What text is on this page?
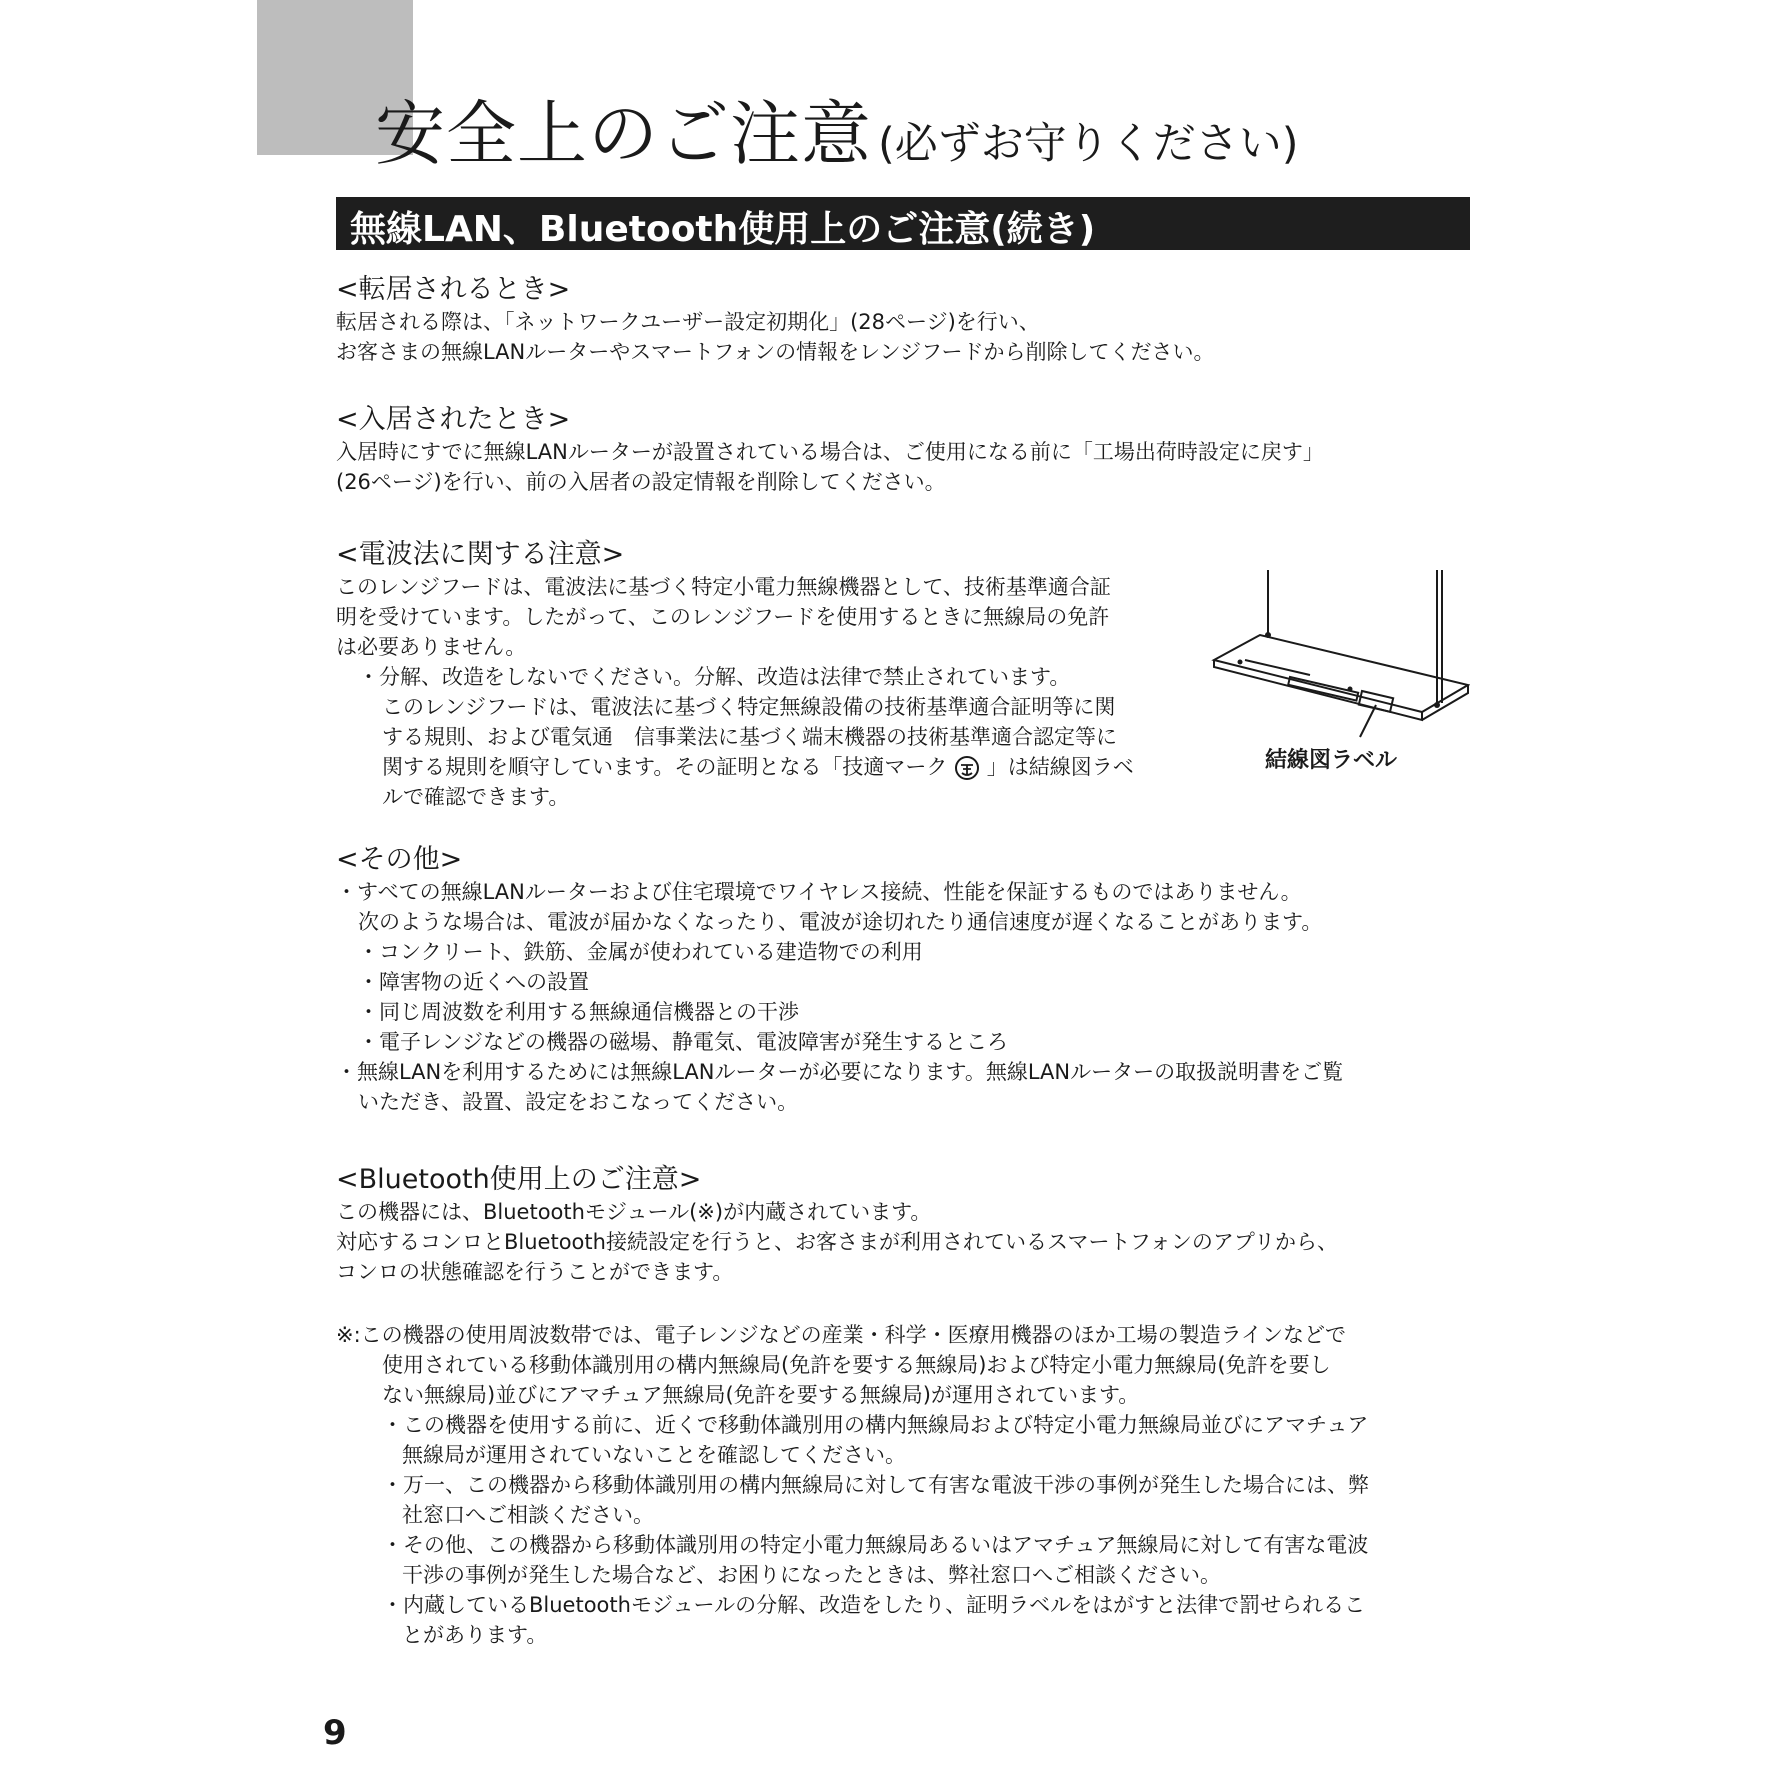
安全上のご注意 (必ずお守りください)
無線LAN、Bluetooth使用上のご注意(続き)
<転居されるとき>

転居される際は、「ネットワークユーザー設定初期化」(28ページ)を行い、

お客さまの無線LANルーターやスマートフォンの情報をレンジフードから削除してください。

<入居されたとき>

入居時にすでに無線LANルーターが設置されている場合は、ご使用になる前に「工場出荷時設定に戻す」

(26ページ)を行い、前の入居者の設定情報を削除してください。

<電波法に関する注意>

このレンジフードは、電波法に基づく特定小電力無線機器として、技術基準適合証

明を受けています。したがって、このレンジフードを使用するときに無線局の免許

は必要ありません。

・分解、改造をしないでください。分解、改造は法律で禁止されています。

このレンジフードは、電波法に基づく特定無線設備の技術基準適合証明等に関

する規則、および電気通　信事業法に基づく端末機器の技術基準適合認定等に

関する規則を順守しています。その証明となる「技適マーク 」は結線図ラベ

ルで確認できます。

結線図ラベル
<その他>

・すべての無線LANルーターおよび住宅環境でワイヤレス接続、性能を保証するものではありません。

次のような場合は、電波が届かなくなったり、電波が途切れたり通信速度が遅くなることがあります。

・コンクリート、鉄筋、金属が使われている建造物での利用

・障害物の近くへの設置

・同じ周波数を利用する無線通信機器との干渉

・電子レンジなどの機器の磁場、静電気、電波障害が発生するところ

・無線LANを利用するためには無線LANルーターが必要になります。無線LANルーターの取扱説明書をご覧

いただき、設置、設定をおこなってください。

<Bluetooth使用上のご注意>

この機器には、Bluetoothモジュール(※)が内蔵されています。

対応するコンロとBluetooth接続設定を行うと、お客さまが利用されているスマートフォンのアプリから、

コンロの状態確認を行うことができます。

※:この機器の使用周波数帯では、電子レンジなどの産業・科学・医療用機器のほか工場の製造ラインなどで

使用されている移動体識別用の構内無線局(免許を要する無線局)および特定小電力無線局(免許を要し

ない無線局)並びにアマチュア無線局(免許を要する無線局)が運用されています。

・この機器を使用する前に、近くで移動体識別用の構内無線局および特定小電力無線局並びにアマチュア

無線局が運用されていないことを確認してください。

・万一、この機器から移動体識別用の構内無線局に対して有害な電波干渉の事例が発生した場合には、弊

社窓口へご相談ください。

・その他、この機器から移動体識別用の特定小電力無線局あるいはアマチュア無線局に対して有害な電波

干渉の事例が発生した場合など、お困りになったときは、弊社窓口へご相談ください。

・内蔵しているBluetoothモジュールの分解、改造をしたり、証明ラベルをはがすと法律で罰せられるこ

とがあります。

9
